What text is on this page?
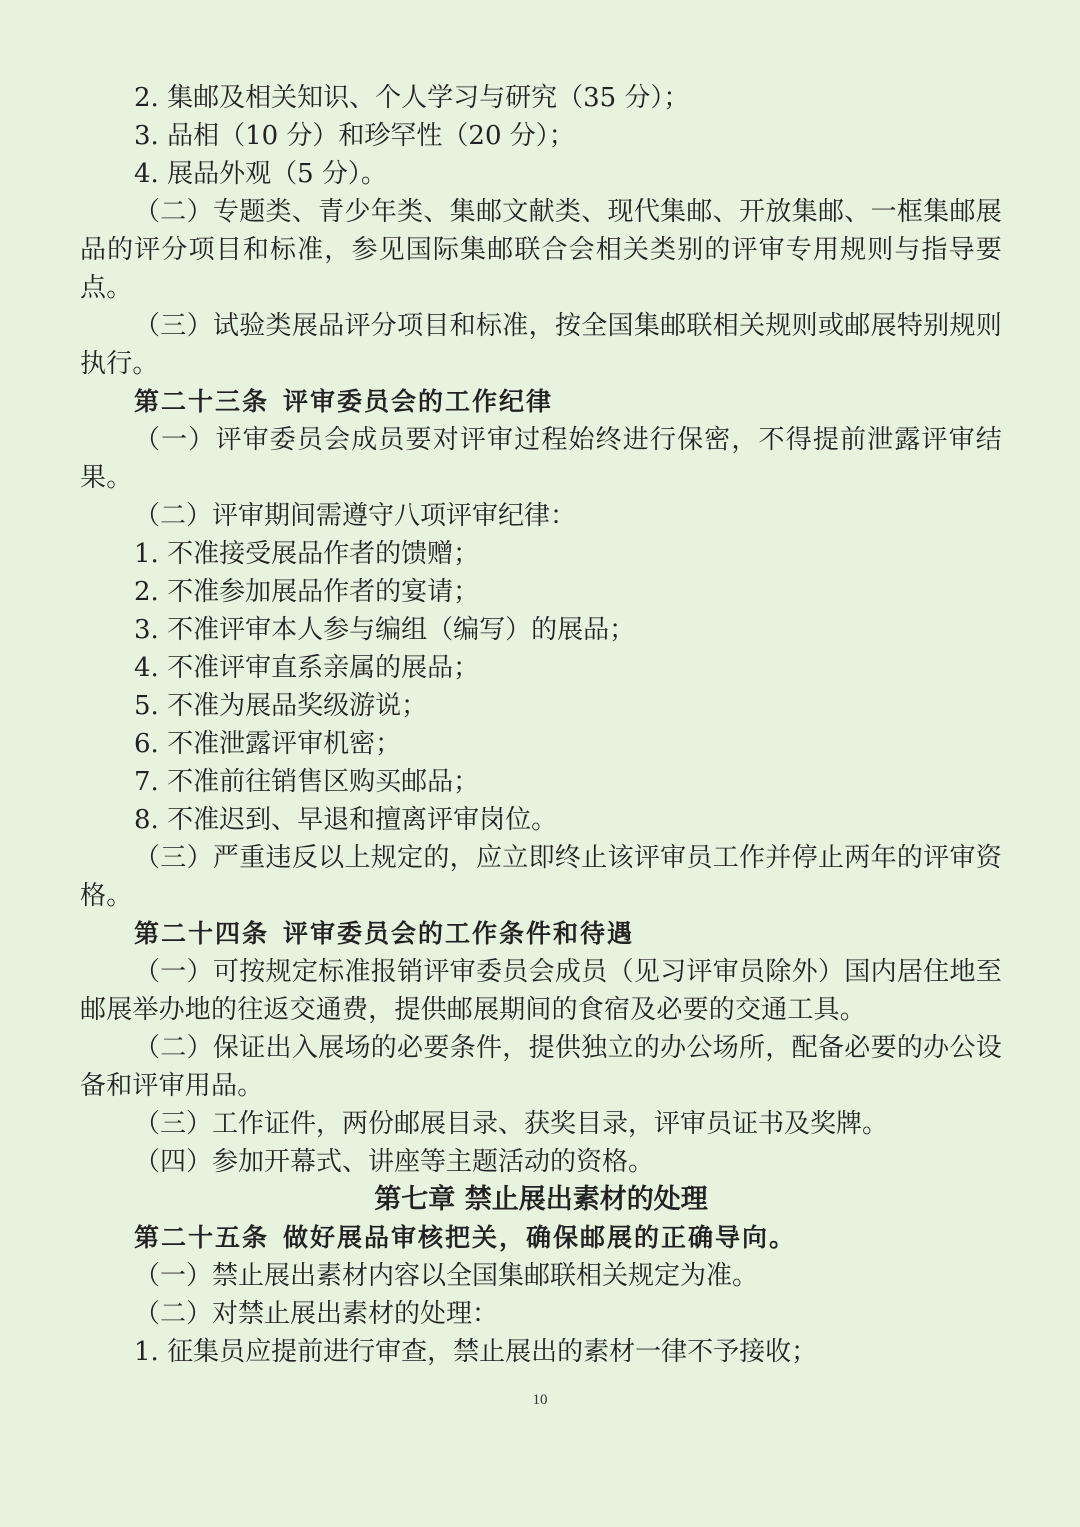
2. 集邮及相关知识、个人学习与研究（35 分）；
3. 品相（10 分）和珍罕性（20 分）；
4. 展品外观（5 分）。
（二）专题类、青少年类、集邮文献类、现代集邮、开放集邮、一框集邮展品的评分项目和标准，参见国际集邮联合会相关类别的评审专用规则与指导要点。
（三）试验类展品评分项目和标准，按全国集邮联相关规则或邮展特别规则执行。
第二十三条 评审委员会的工作纪律
（一）评审委员会成员要对评审过程始终进行保密，不得提前泄露评审结果。
（二）评审期间需遵守八项评审纪律：
1. 不准接受展品作者的馈赠；
2. 不准参加展品作者的宴请；
3. 不准评审本人参与编组（编写）的展品；
4. 不准评审直系亲属的展品；
5. 不准为展品奖级游说；
6. 不准泄露评审机密；
7. 不准前往销售区购买邮品；
8. 不准迟到、早退和擅离评审岗位。
（三）严重违反以上规定的，应立即终止该评审员工作并停止两年的评审资格。
第二十四条 评审委员会的工作条件和待遇
（一）可按规定标准报销评审委员会成员（见习评审员除外）国内居住地至邮展举办地的往返交通费，提供邮展期间的食宿及必要的交通工具。
（二）保证出入展场的必要条件，提供独立的办公场所，配备必要的办公设备和评审用品。
（三）工作证件，两份邮展目录、获奖目录，评审员证书及奖牌。
（四）参加开幕式、讲座等主题活动的资格。
第七章 禁止展出素材的处理
第二十五条 做好展品审核把关，确保邮展的正确导向。
（一）禁止展出素材内容以全国集邮联相关规定为准。
（二）对禁止展出素材的处理：
1. 征集员应提前进行审查，禁止展出的素材一律不予接收；
10
